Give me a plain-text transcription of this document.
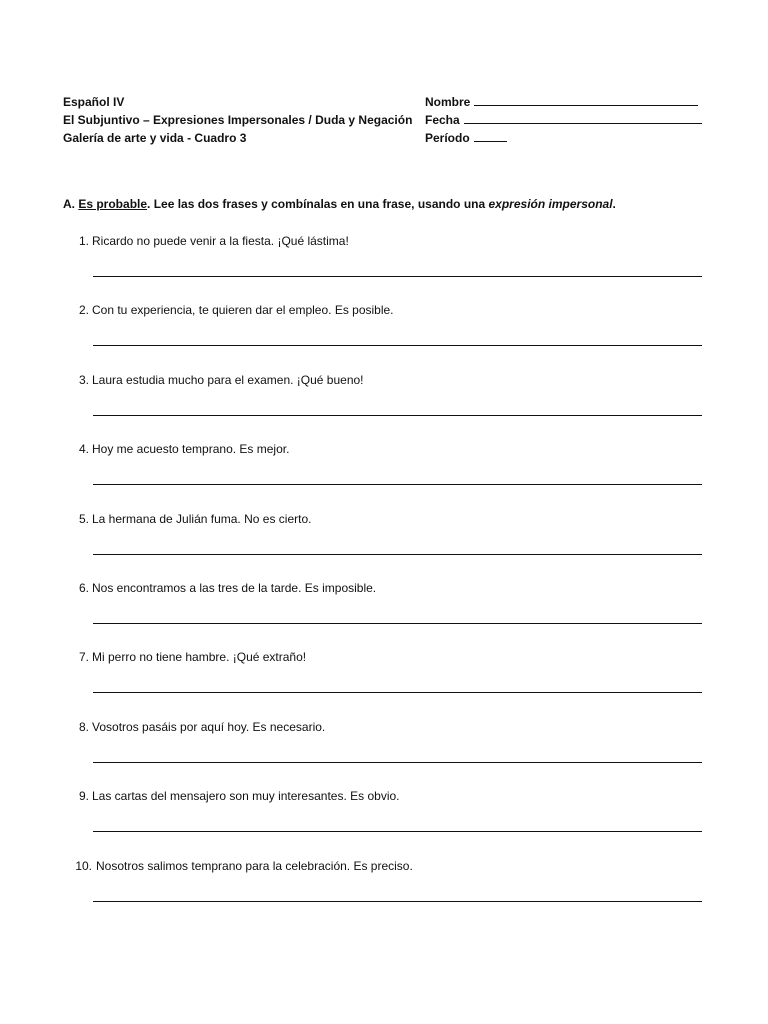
Español IV
El Subjuntivo – Expresiones Impersonales / Duda y Negación
Galería de arte y vida - Cuadro 3
Nombre
Fecha
Período
A. Es probable. Lee las dos frases y combínalas en una frase, usando una expresión impersonal.
1. Ricardo no puede venir a la fiesta. ¡Qué lástima!
2. Con tu experiencia, te quieren dar el empleo. Es posible.
3. Laura estudia mucho para el examen. ¡Qué bueno!
4. Hoy me acuesto temprano. Es mejor.
5. La hermana de Julián fuma. No es cierto.
6. Nos encontramos a las tres de la tarde. Es imposible.
7. Mi perro no tiene hambre. ¡Qué extraño!
8. Vosotros pasáis por aquí hoy. Es necesario.
9. Las cartas del mensajero son muy interesantes. Es obvio.
10. Nosotros salimos temprano para la celebración. Es preciso.
